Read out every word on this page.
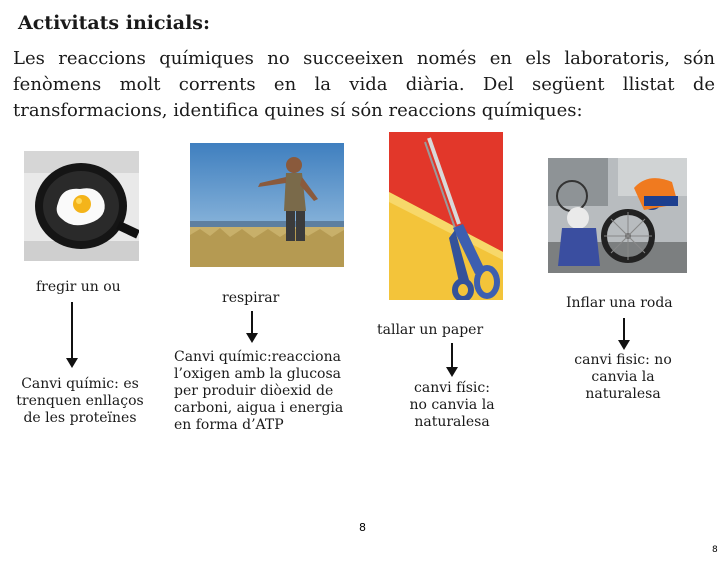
Activitats inicials:
Les reaccions químiques no succeeixen només en els laboratoris, són
fenòmens molt corrents en la vida diària. Del següent llistat de
transformacions, identifica quines sí són reaccions químiques:
fregir un ou
Canvi químic: es
trenquen enllaços
de les proteïnes
respirar
Canvi químic:reacciona
l’oxigen amb la glucosa
per produir diòexid de
carboni, aigua i energia
en forma d’ATP
tallar un paper
canvi físic:
no canvia la
naturalesa
Inflar una roda
canvi fisic: no
canvia la
naturalesa
8
8
